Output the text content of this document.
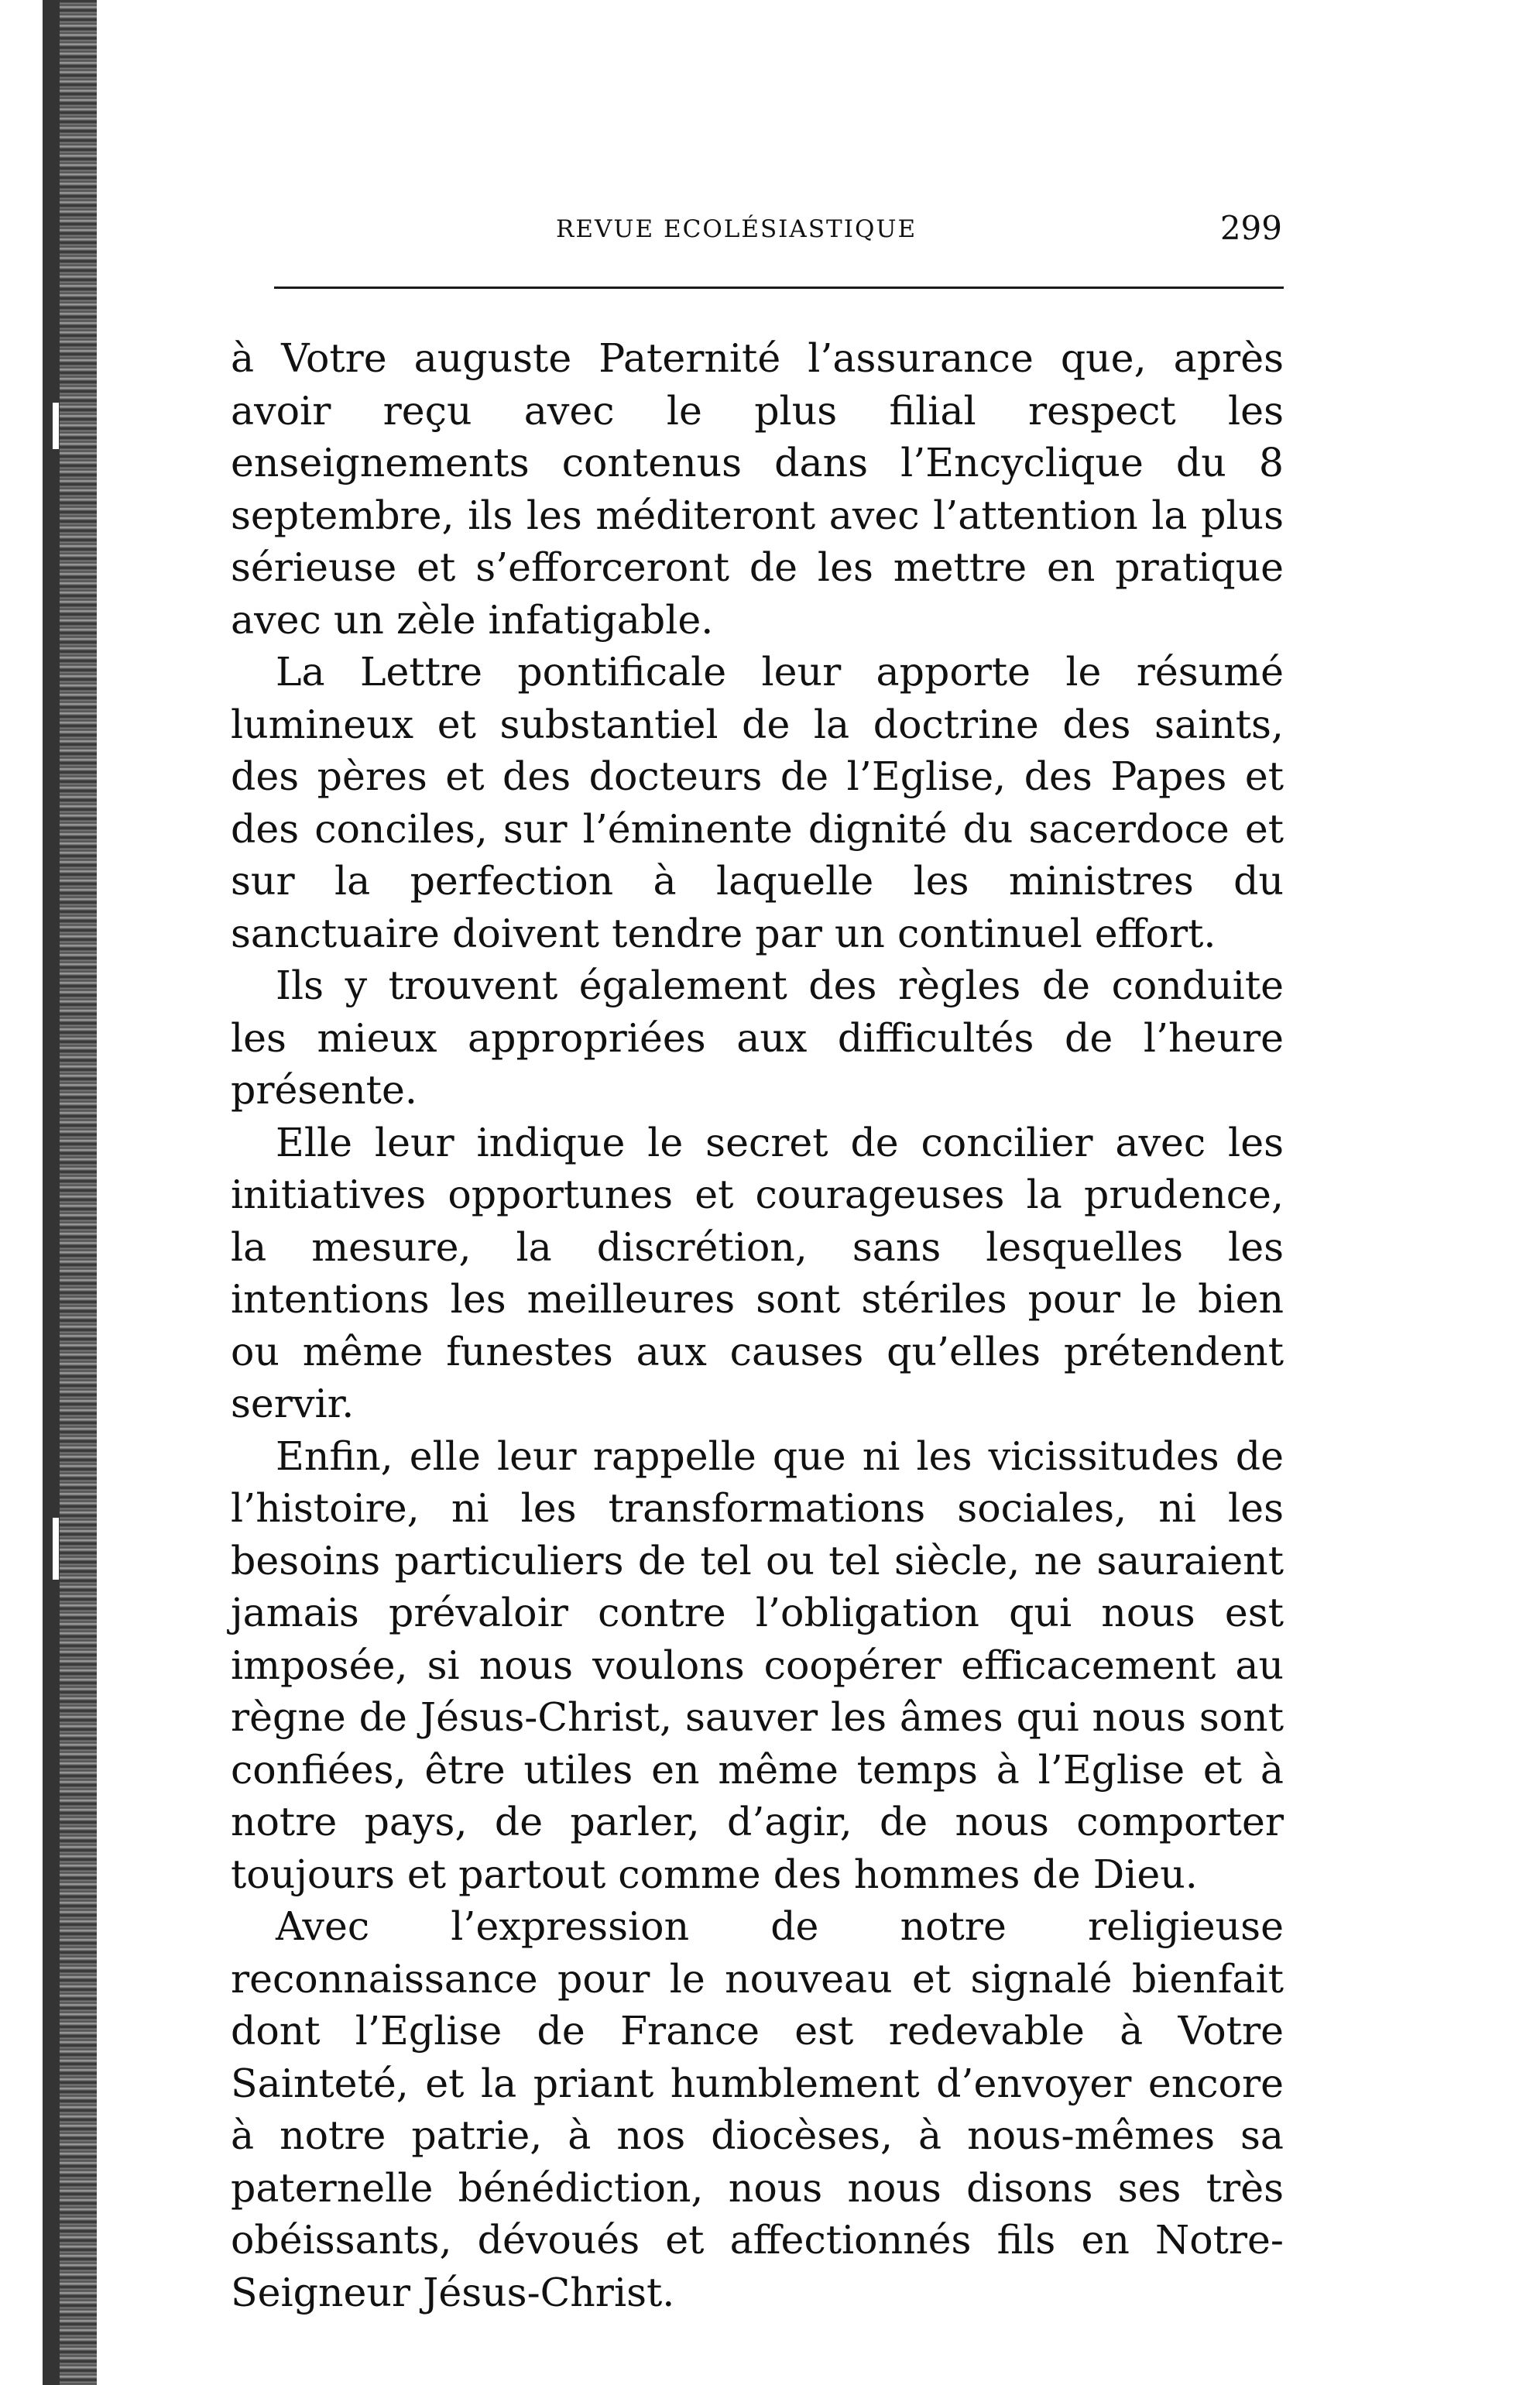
REVUE ECOLÉSIASTIQUE	299

à Votre auguste Paternité l’assurance que, après avoir reçu avec le plus filial respect les enseignements contenus dans l’Encyclique du 8 septembre, ils les méditeront avec l’attention la plus sérieuse et s’efforceront de les mettre en pratique avec un zèle infatigable.

La Lettre pontificale leur apporte le résumé lumineux et substantiel de la doctrine des saints, des pères et des docteurs de l’Eglise, des Papes et des conciles, sur l’éminente dignité du sacerdoce et sur la perfection à laquelle les ministres du sanctuaire doivent tendre par un continuel effort.

Ils y trouvent également des règles de conduite les mieux appropriées aux difficultés de l’heure présente.

Elle leur indique le secret de concilier avec les initiatives opportunes et courageuses la prudence, la mesure, la discrétion, sans lesquelles les intentions les meilleures sont stériles pour le bien ou même funestes aux causes qu’elles prétendent servir.

Enfin, elle leur rappelle que ni les vicissitudes de l’histoire, ni les transformations sociales, ni les besoins particuliers de tel ou tel siècle, ne sauraient jamais prévaloir contre l’obligation qui nous est imposée, si nous voulons coopérer efficacement au règne de Jésus-Christ, sauver les âmes qui nous sont confiées, être utiles en même temps à l’Eglise et à notre pays, de parler, d’agir, de nous comporter toujours et partout comme des hommes de Dieu.

Avec l’expression de notre religieuse reconnaissance pour le nouveau et signalé bienfait dont l’Eglise de France est redevable à Votre Sainteté, et la priant humblement d’envoyer encore à notre patrie, à nos diocèses, à nous-mêmes sa paternelle bénédiction, nous nous disons ses très obéissants, dévoués et affectionnés fils en Notre-Seigneur Jésus-Christ.
